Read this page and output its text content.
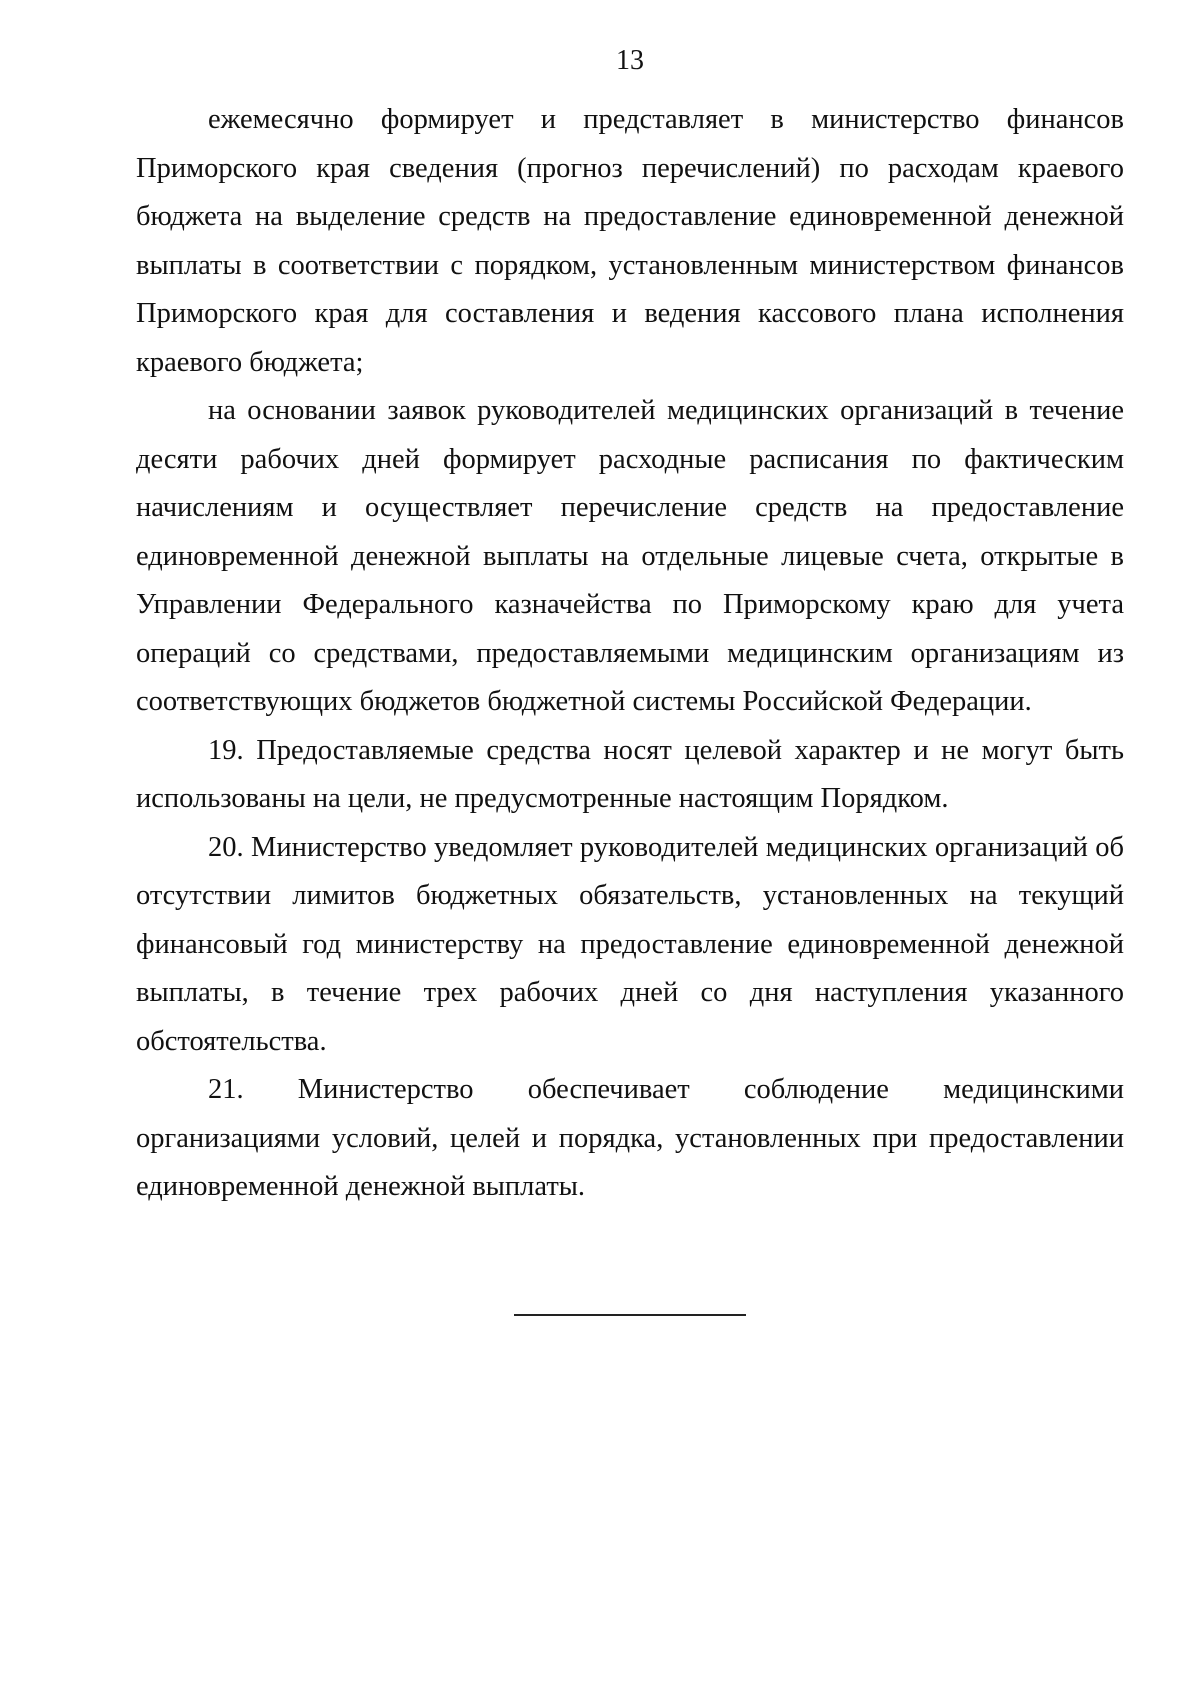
13

ежемесячно формирует и представляет в министерство финансов Приморского края сведения (прогноз перечислений) по расходам краевого бюджета на выделение средств на предоставление единовременной денежной выплаты в соответствии с порядком, установленным министерством финансов Приморского края для составления и ведения кассового плана исполнения краевого бюджета;

на основании заявок руководителей медицинских организаций в течение десяти рабочих дней формирует расходные расписания по фактическим начислениям и осуществляет перечисление средств на предоставление единовременной денежной выплаты на отдельные лицевые счета, открытые в Управлении Федерального казначейства по Приморскому краю для учета операций со средствами, предоставляемыми медицинским организациям из соответствующих бюджетов бюджетной системы Российской Федерации.

19. Предоставляемые средства носят целевой характер и не могут быть использованы на цели, не предусмотренные настоящим Порядком.

20. Министерство уведомляет руководителей медицинских организаций об отсутствии лимитов бюджетных обязательств, установленных на текущий финансовый год министерству на предоставление единовременной денежной выплаты, в течение трех рабочих дней со дня наступления указанного обстоятельства.

21. Министерство обеспечивает соблюдение медицинскими организациями условий, целей и порядка, установленных при предоставлении единовременной денежной выплаты.
